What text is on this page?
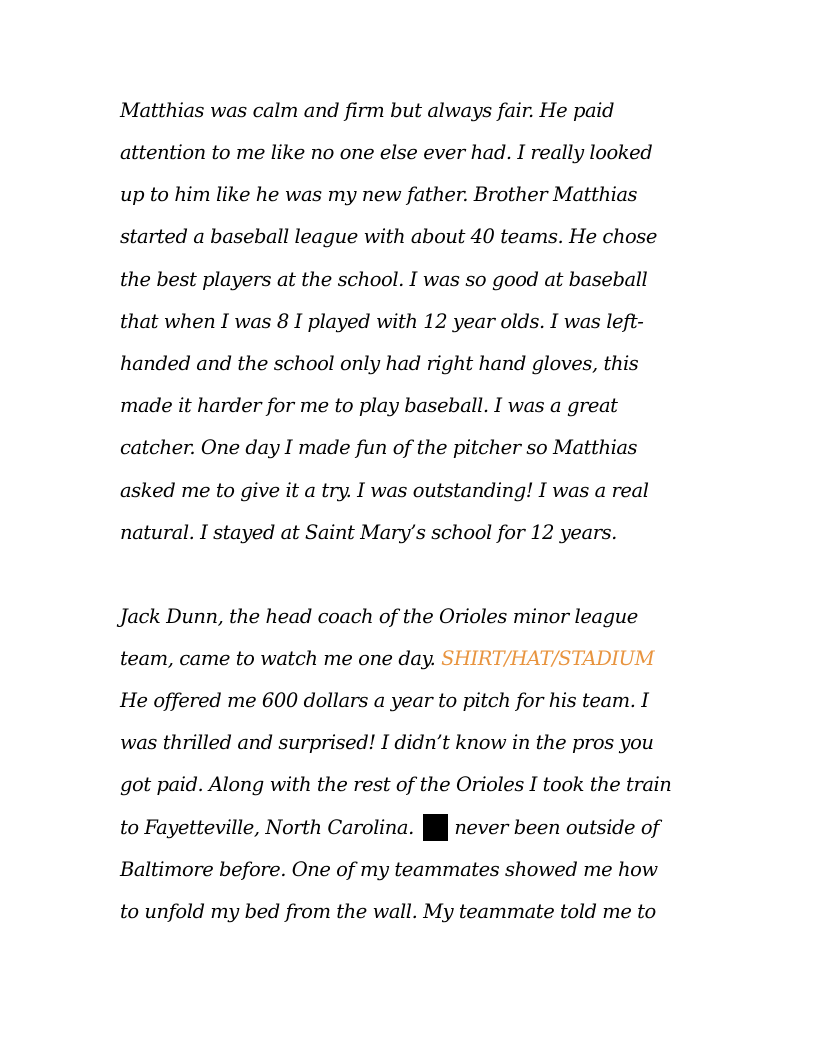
Matthias was calm and firm but always fair. He paid
attention to me like no one else ever had. I really looked
up to him like he was my new father. Brother Matthias
started a baseball league with about 40 teams. He chose
the best players at the school. I was so good at baseball
that when I was 8 I played with 12 year olds. I was left-
handed and the school only had right hand gloves, this
made it harder for me to play baseball. I was a great
catcher. One day I made fun of the pitcher so Matthias
asked me to give it a try. I was outstanding! I was a real
natural. I stayed at Saint Mary’s school for 12 years.
Jack Dunn, the head coach of the Orioles minor league
team, came to watch me one day. SHIRT/HAT/STADIUM
He offered me 600 dollars a year to pitch for his team. I
was thrilled and surprised! I didn’t know in the pros you
got paid. Along with the rest of the Orioles I took the train
to Fayetteville, North Carolina.  never been outside of
Baltimore before. One of my teammates showed me how
to unfold my bed from the wall. My teammate told me to
